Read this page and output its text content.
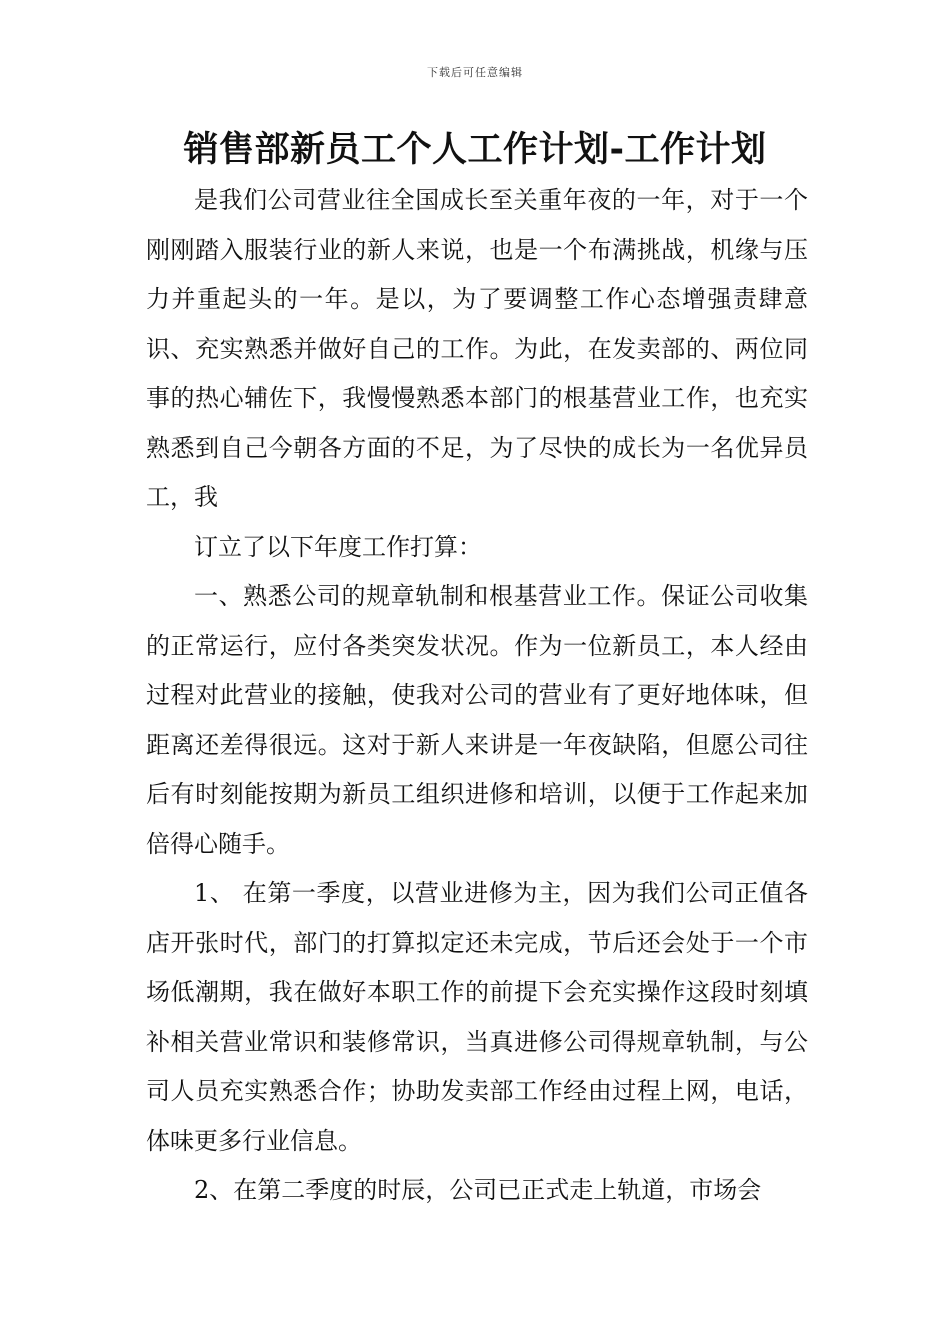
下载后可任意编辑
销售部新员工个人工作计划-工作计划

是我们公司营业往全国成长至关重年夜的一年，对于一个刚刚踏入服装行业的新人来说，也是一个布满挑战，机缘与压力并重起头的一年。是以，为了要调整工作心态增强责肆意识、充实熟悉并做好自己的工作。为此，在发卖部的、两位同事的热心辅佐下，我慢慢熟悉本部门的根基营业工作，也充实熟悉到自己今朝各方面的不足，为了尽快的成长为一名优异员工，我

订立了以下年度工作打算：

一、熟悉公司的规章轨制和根基营业工作。保证公司收集的正常运行，应付各类突发状况。作为一位新员工，本人经由过程对此营业的接触，使我对公司的营业有了更好地体味，但距离还差得很远。这对于新人来讲是一年夜缺陷，但愿公司往后有时刻能按期为新员工组织进修和培训，以便于工作起来加倍得心随手。

1、 在第一季度，以营业进修为主，因为我们公司正值各店开张时代，部门的打算拟定还未完成，节后还会处于一个市场低潮期，我在做好本职工作的前提下会充实操作这段时刻填补相关营业常识和装修常识，当真进修公司得规章轨制，与公司人员充实熟悉合作；协助发卖部工作经由过程上网，电话，体味更多行业信息。

2、在第二季度的时辰，公司已正式走上轨道，市场会
